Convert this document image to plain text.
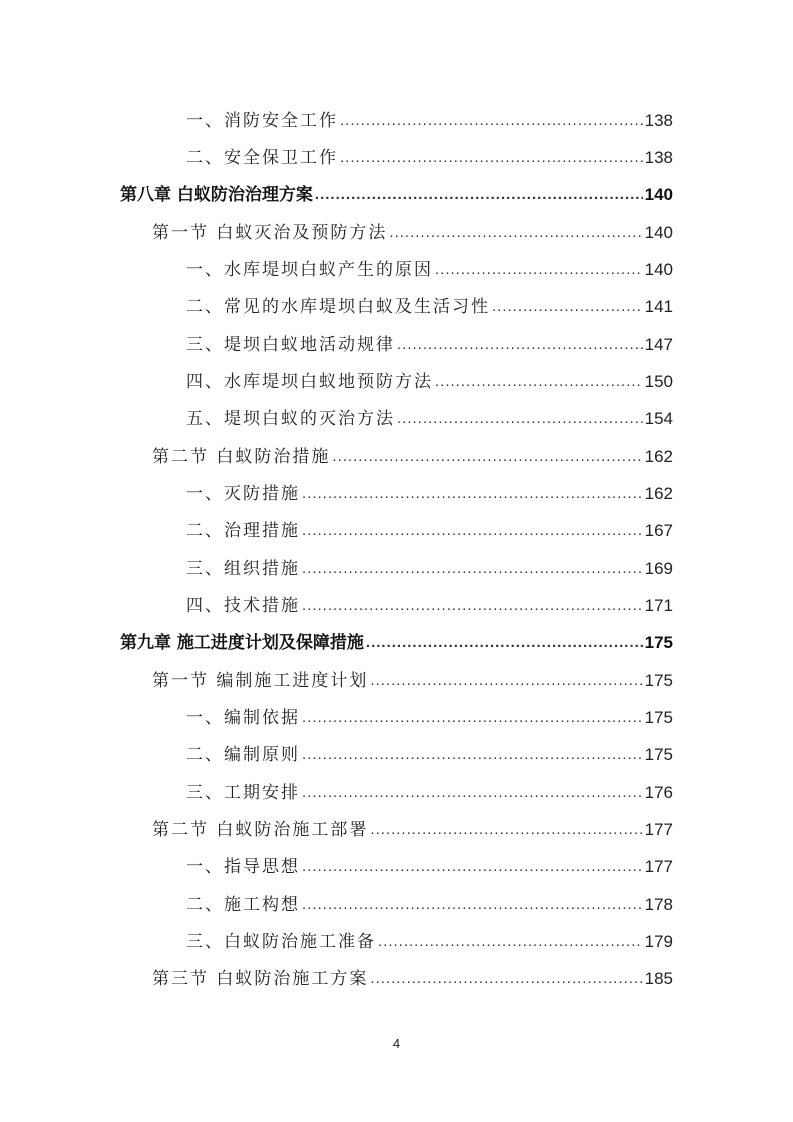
一、消防安全工作 .....	138
二、安全保卫工作 .....	138
第八章 白蚁防治治理方案 .....	140
第一节 白蚁灭治及预防方法 .....	140
一、水库堤坝白蚁产生的原因 .....	140
二、常见的水库堤坝白蚁及生活习性 .....	141
三、堤坝白蚁地活动规律 .....	147
四、水库堤坝白蚁地预防方法 .....	150
五、堤坝白蚁的灭治方法 .....	154
第二节 白蚁防治措施 .....	162
一、灭防措施 .....	162
二、治理措施 .....	167
三、组织措施 .....	169
四、技术措施 .....	171
第九章 施工进度计划及保障措施 .....	175
第一节 编制施工进度计划 .....	175
一、编制依据 .....	175
二、编制原则 .....	175
三、工期安排 .....	176
第二节 白蚁防治施工部署 .....	177
一、指导思想 .....	177
二、施工构想 .....	178
三、白蚁防治施工准备 .....	179
第三节 白蚁防治施工方案 .....	185
4
